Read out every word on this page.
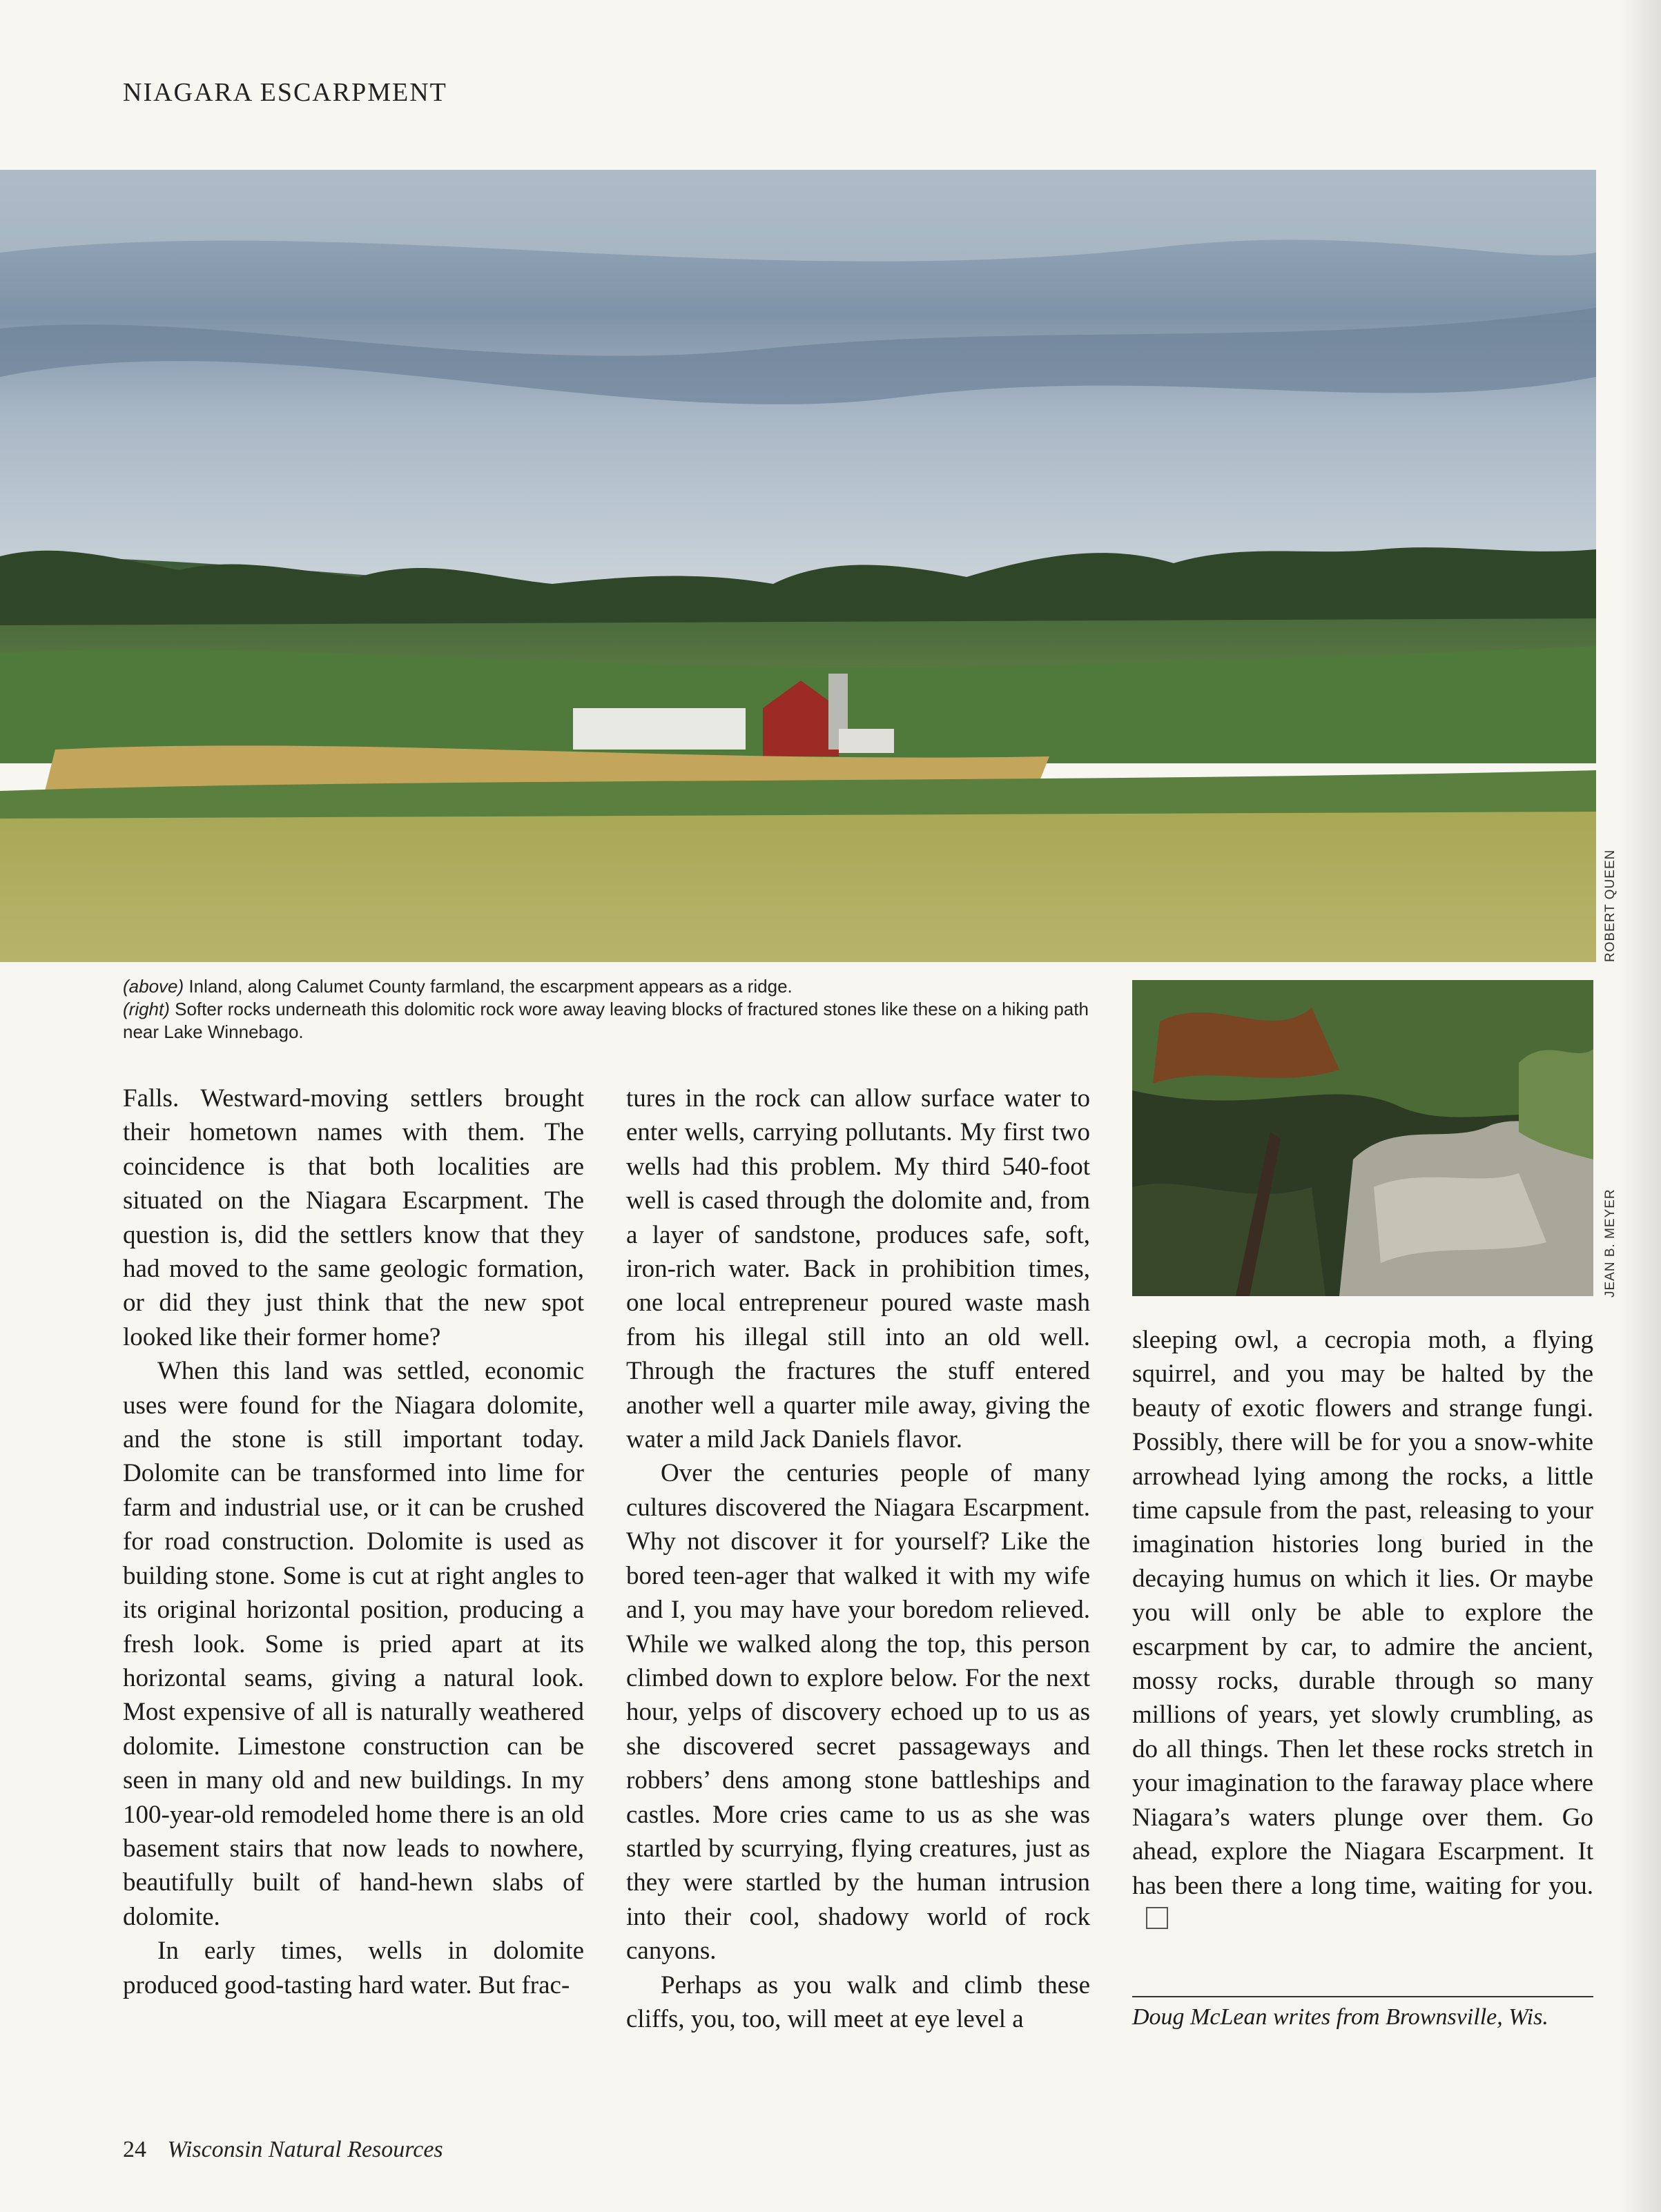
NIAGARA ESCARPMENT
ROBERT QUEEN

(above) Inland, along Calumet County farmland, the escarpment appears as a ridge.

(right) Softer rocks underneath this dolomitic rock wore away leaving blocks of fractured stones like these on a hiking path near Lake Winnebago.

JEAN B. MEYER

Falls. Westward-moving settlers brought their hometown names with them. The coincidence is that both localities are situated on the Niagara Escarpment. The question is, did the settlers know that they had moved to the same geologic formation, or did they just think that the new spot looked like their former home?

When this land was settled, economic uses were found for the Niagara dolomite, and the stone is still important today. Dolomite can be transformed into lime for farm and industrial use, or it can be crushed for road construction. Dolomite is used as building stone. Some is cut at right angles to its original horizontal position, producing a fresh look. Some is pried apart at its horizontal seams, giving a natural look. Most expensive of all is naturally weathered dolomite. Limestone construction can be seen in many old and new buildings. In my 100-year-old remodeled home there is an old basement stairs that now leads to nowhere, beautifully built of hand-hewn slabs of dolomite.

In early times, wells in dolomite produced good-tasting hard water. But frac-

tures in the rock can allow surface water to enter wells, carrying pollutants. My first two wells had this problem. My third 540-foot well is cased through the dolomite and, from a layer of sandstone, produces safe, soft, iron-rich water. Back in prohibition times, one local entrepreneur poured waste mash from his illegal still into an old well. Through the fractures the stuff entered another well a quarter mile away, giving the water a mild Jack Daniels flavor.

Over the centuries people of many cultures discovered the Niagara Escarpment. Why not discover it for yourself? Like the bored teen-ager that walked it with my wife and I, you may have your boredom relieved. While we walked along the top, this person climbed down to explore below. For the next hour, yelps of discovery echoed up to us as she discovered secret passageways and robbers’ dens among stone battleships and castles. More cries came to us as she was startled by scurrying, flying creatures, just as they were startled by the human intrusion into their cool, shadowy world of rock canyons.

Perhaps as you walk and climb these cliffs, you, too, will meet at eye level a

sleeping owl, a cecropia moth, a flying squirrel, and you may be halted by the beauty of exotic flowers and strange fungi. Possibly, there will be for you a snow-white arrowhead lying among the rocks, a little time capsule from the past, releasing to your imagination histories long buried in the decaying humus on which it lies. Or maybe you will only be able to explore the escarpment by car, to admire the ancient, mossy rocks, durable through so many millions of years, yet slowly crumbling, as do all things. Then let these rocks stretch in your imagination to the faraway place where Niagara’s waters plunge over them. Go ahead, explore the Niagara Escarpment. It has been there a long time, waiting for you.

Doug McLean writes from Brownsville, Wis.
24 Wisconsin Natural Resources
